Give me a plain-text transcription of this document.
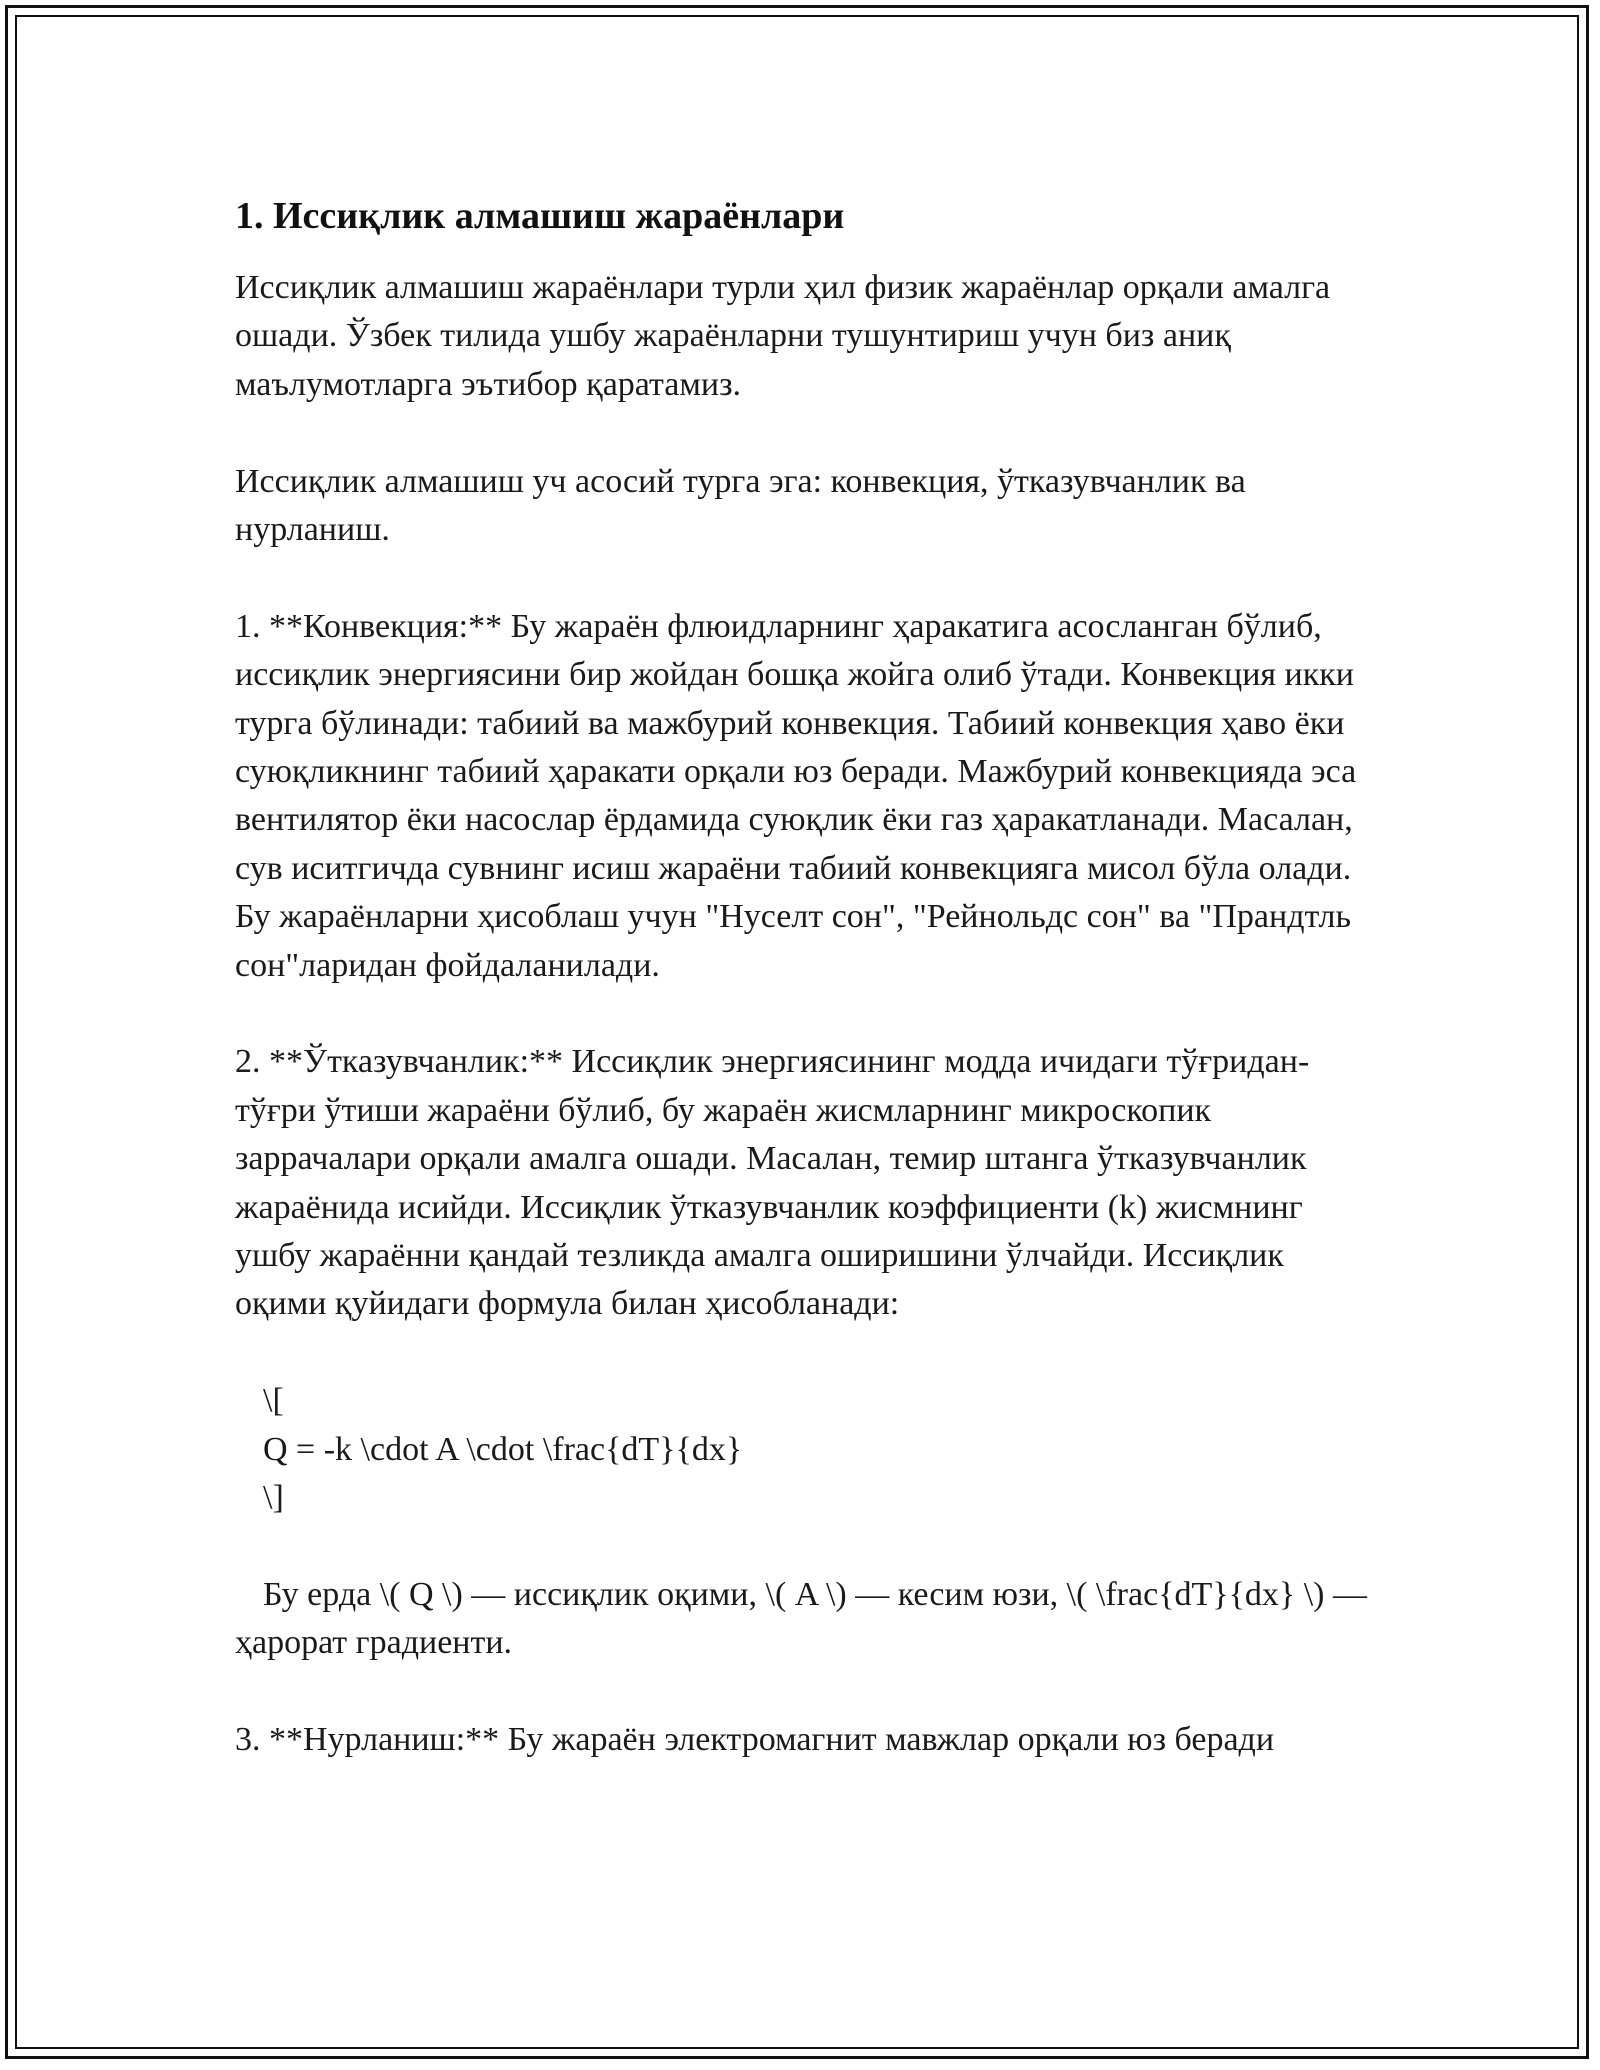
1. Иссиқлик алмашиш жараёнлари

Иссиқлик алмашиш жараёнлари турли ҳил физик жараёнлар орқали амалга ошади. Ўзбек тилида ушбу жараёнларни тушунтириш учун биз аниқ маълумотларга эътибор қаратамиз.

Иссиқлик алмашиш уч асосий турга эга: конвекция, ўтказувчанлик ва нурланиш.

1. **Конвекция:** Бу жараён флюидларнинг ҳаракатига асосланган бўлиб, иссиқлик энергиясини бир жойдан бошқа жойга олиб ўтади. Конвекция икки турга бўлинади: табиий ва мажбурий конвекция. Табиий конвекция ҳаво ёки суюқликнинг табиий ҳаракати орқали юз беради. Мажбурий конвекцияда эса вентилятор ёки насослар ёрдамида суюқлик ёки газ ҳаракатланади. Масалан, сув иситгичда сувнинг исиш жараёни табиий конвекцияга мисол бўла олади. Бу жараёнларни ҳисоблаш учун "Нуселт сон", "Рейнольдс сон" ва "Прандтль сон"ларидан фойдаланилади.

2. **Ўтказувчанлик:** Иссиқлик энергиясининг модда ичидаги тўғридан-тўғри ўтиши жараёни бўлиб, бу жараён жисмларнинг микроскопик заррачалари орқали амалга ошади. Масалан, темир штанга ўтказувчанлик жараёнида исийди. Иссиқлик ўтказувчанлик коэффициенти (k) жисмнинг ушбу жараённи қандай тезликда амалга оширишини ўлчайди. Иссиқлик оқими қуйидаги формула билан ҳисобланади:

\[
Q = -k \cdot A \cdot \frac{dT}{dx}
\]

Бу ерда \( Q \) — иссиқлик оқими, \( A \) — кесим юзи, \( \frac{dT}{dx} \) — ҳарорат градиенти.

3. **Нурланиш:** Бу жараён электромагнит мавжлар орқали юз беради
